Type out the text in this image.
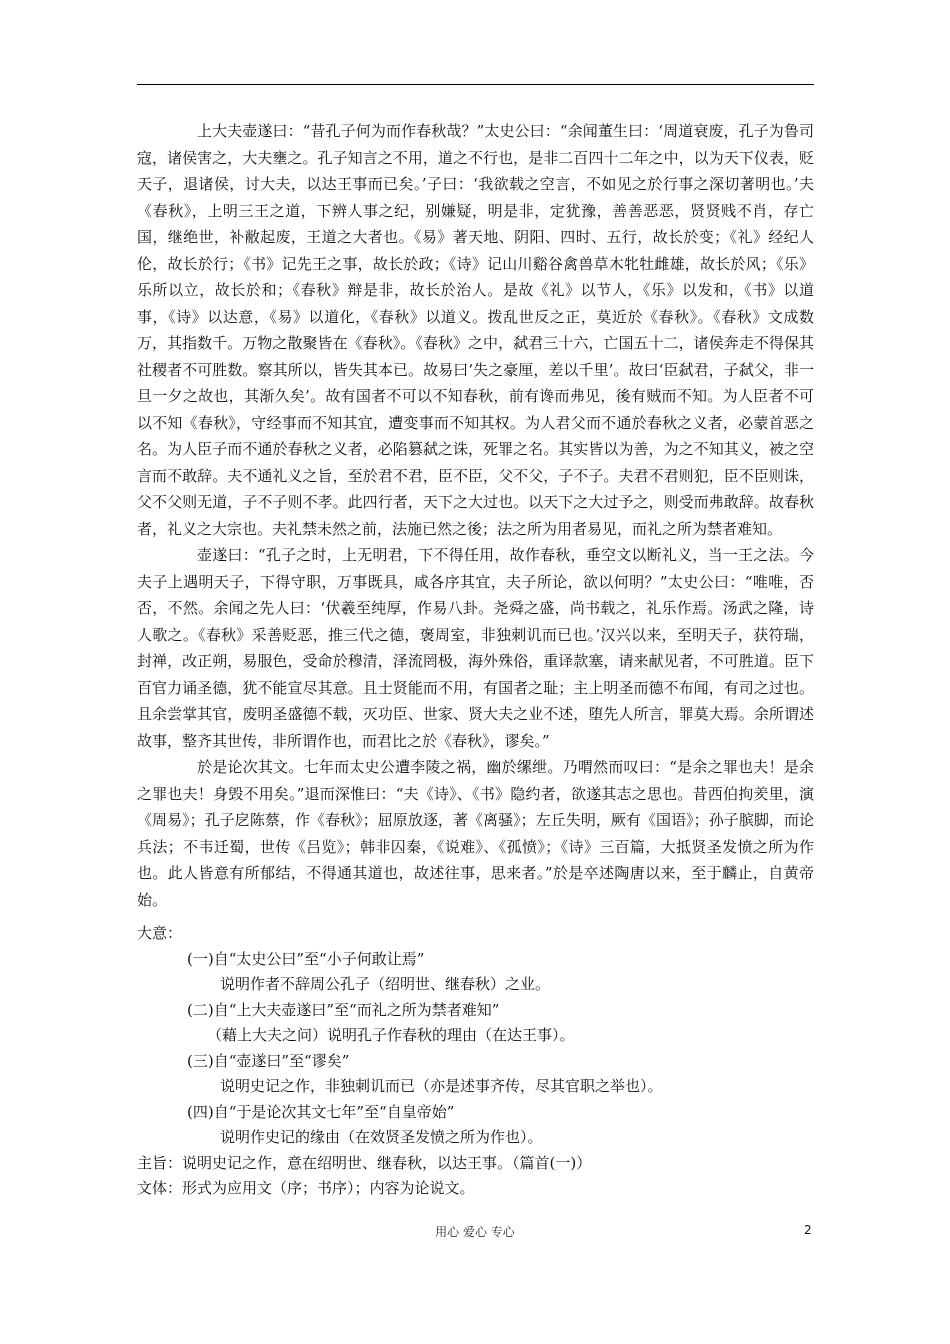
上大夫壶遂曰：“昔孔子何为而作春秋哉？”太史公曰：“余闻董生曰：‘周道衰废，孔子为鲁司寇，诸侯害之，大夫壅之。孔子知言之不用，道之不行也，是非二百四十二年之中，以为天下仪表，贬天子，退诸侯，讨大夫，以达王事而已矣。’子曰：‘我欲载之空言，不如见之於行事之深切著明也。’夫《春秋》，上明三王之道，下辨人事之纪，别嫌疑，明是非，定犹豫，善善恶恶，贤贤贱不肖，存亡国，继绝世，补敝起废，王道之大者也。《易》著天地、阴阳、四时、五行，故长於变；《礼》经纪人伦，故长於行；《书》记先王之事，故长於政；《诗》记山川谿谷禽兽草木牝牡雌雄，故长於风；《乐》乐所以立，故长於和；《春秋》辩是非，故长於治人。是故《礼》以节人，《乐》以发和，《书》以道事，《诗》以达意，《易》以道化，《春秋》以道义。拨乱世反之正，莫近於《春秋》。《春秋》文成数万，其指数千。万物之散聚皆在《春秋》。《春秋》之中，弑君三十六，亡国五十二，诸侯奔走不得保其社稷者不可胜数。察其所以，皆失其本已。故易曰‘失之豪厘，差以千里’。故曰‘臣弑君，子弑父，非一旦一夕之故也，其渐久矣’。故有国者不可以不知春秋，前有谗而弗见，後有贼而不知。为人臣者不可以不知《春秋》，守经事而不知其宜，遭变事而不知其权。为人君父而不通於春秋之义者，必蒙首恶之名。为人臣子而不通於春秋之义者，必陷篡弑之诛，死罪之名。其实皆以为善，为之不知其义，被之空言而不敢辞。夫不通礼义之旨，至於君不君，臣不臣，父不父，子不子。夫君不君则犯，臣不臣则诛，父不父则无道，子不子则不孝。此四行者，天下之大过也。以天下之大过予之，则受而弗敢辞。故春秋者，礼义之大宗也。夫礼禁未然之前，法施已然之後；法之所为用者易见，而礼之所为禁者难知。

壶遂曰：“孔子之时，上无明君，下不得任用，故作春秋，垂空文以断礼义，当一王之法。今夫子上遇明天子，下得守职，万事既具，咸各序其宜，夫子所论，欲以何明？”太史公曰：“唯唯，否否，不然。余闻之先人曰：‘伏羲至纯厚，作易八卦。尧舜之盛，尚书载之，礼乐作焉。汤武之隆，诗人歌之。《春秋》采善贬恶，推三代之德，褒周室，非独刺讥而已也。’汉兴以来，至明天子，获符瑞，封禅，改正朔，易服色，受命於穆清，泽流罔极，海外殊俗，重译款塞，请来献见者，不可胜道。臣下百官力诵圣德，犹不能宣尽其意。且士贤能而不用，有国者之耻；主上明圣而德不布闻，有司之过也。且余尝掌其官，废明圣盛德不载，灭功臣、世家、贤大夫之业不述，堕先人所言，罪莫大焉。余所谓述故事，整齐其世传，非所谓作也，而君比之於《春秋》，谬矣。”

於是论次其文。七年而太史公遭李陵之祸，幽於缧绁。乃喟然而叹曰：“是余之罪也夫！是余之罪也夫！身毁不用矣。”退而深惟曰：“夫《诗》、《书》隐约者，欲遂其志之思也。昔西伯拘羑里，演《周易》；孔子戹陈蔡，作《春秋》；屈原放逐，著《离骚》；左丘失明，厥有《国语》；孙子膑脚，而论兵法；不韦迁蜀，世传《吕览》；韩非囚秦，《说难》、《孤愤》；《诗》三百篇，大抵贤圣发愤之所为作也。此人皆意有所郁结，不得通其道也，故述往事，思来者。”於是卒述陶唐以来，至于麟止，自黄帝始。

大意：
(一)自“太史公曰”至“小子何敢让焉”
说明作者不辞周公孔子（绍明世、继春秋）之业。
(二)自“上大夫壶遂曰”至“而礼之所为禁者难知”
（藉上大夫之问）说明孔子作春秋的理由（在达王事）。
(三)自“壶遂曰”至“谬矣”
说明史记之作，非独刺讥而已（亦是述事齐传，尽其官职之举也）。
(四)自“于是论次其文七年”至“自皇帝始”
说明作史记的缘由（在效贤圣发愤之所为作也）。
主旨：说明史记之作，意在绍明世、继春秋，以达王事。（篇首(一)）
文体：形式为应用文（序；书序）；内容为论说文。
用心 爱心 专心	2
